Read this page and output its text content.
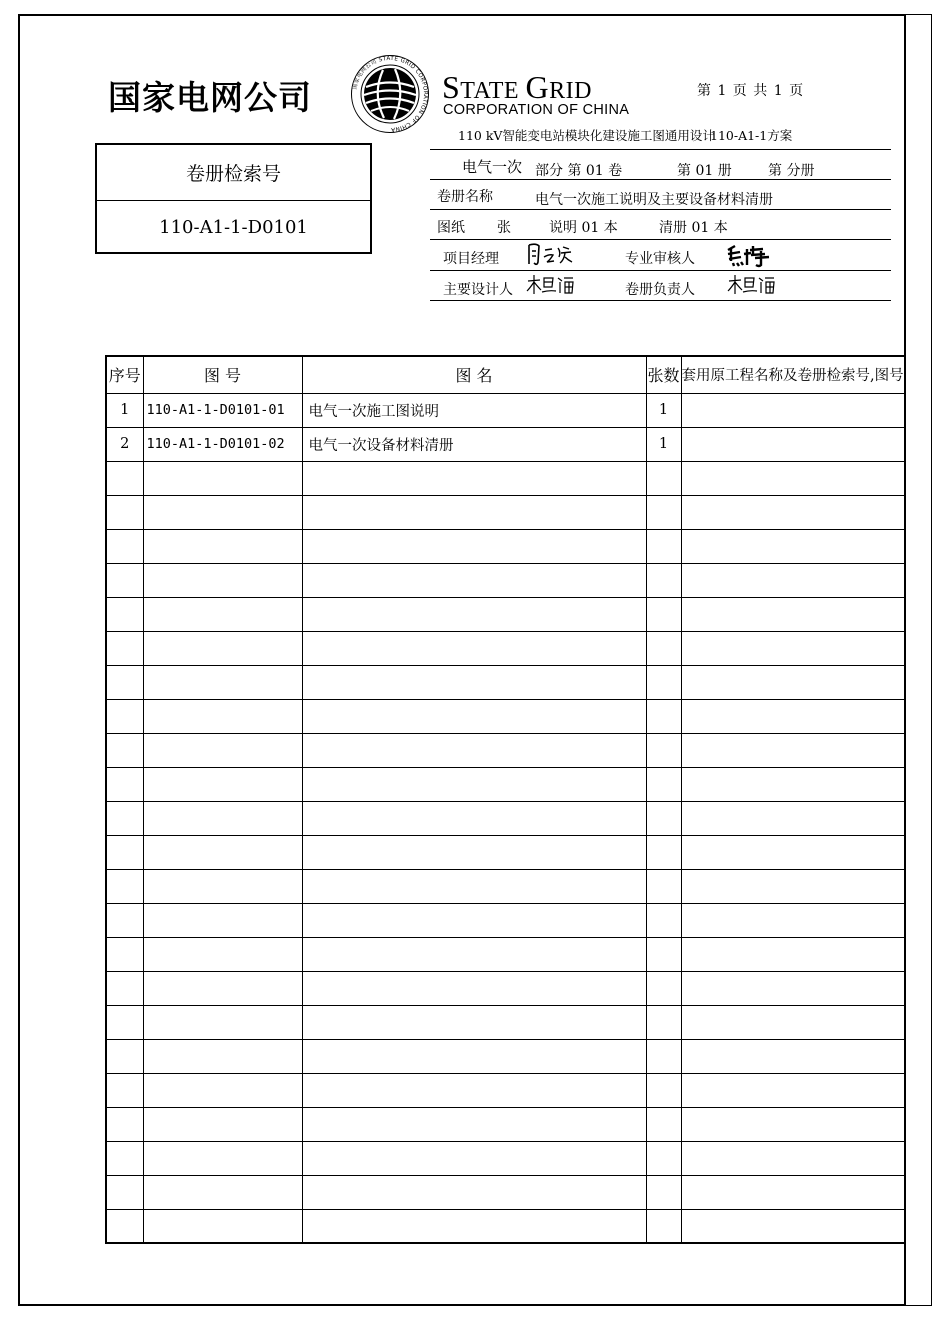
国家电网公司	国家电网公司 STATE GRID CORPORATION OF CHINA
STATE GRID
CORPORATION OF CHINA
第 1 页 共 1 页
110 kV智能变电站模块化建设施工图通用设计
110-A1-1方案
卷册检索号
110-A1-1-D0101
电气一次 部分 第 01 卷	第 01 册	第 分册
卷册名称	电气一次施工说明及主要设备材料清册
图纸 张	说明 01 本	清册 01 本
项目经理	专业审核人
主要设计人	卷册负责人
序号	图 号	图 名	张数	套用原工程名称及卷册检索号,图号
1	110-A1-1-D0101-01	电气一次施工图说明	1	
2	110-A1-1-D0101-02	电气一次设备材料清册	1	
